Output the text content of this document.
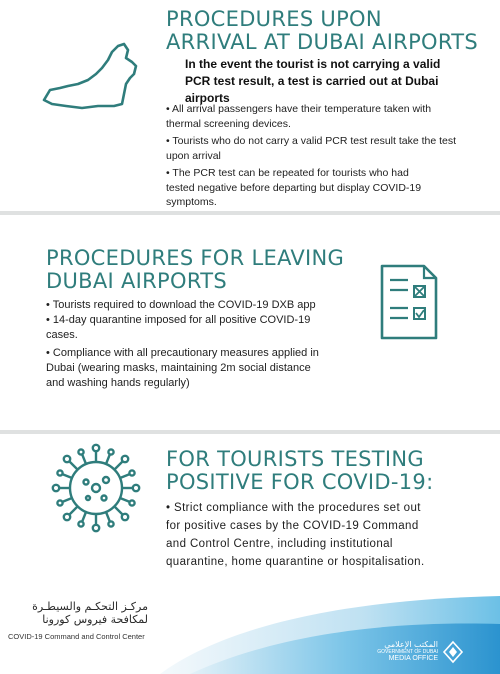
PROCEDURES UPON
ARRIVAL AT DUBAI AIRPORTS
In the event the tourist is not carrying a valid
PCR test result, a test is carried out at Dubai
airports
• All arrival passengers have their temperature taken with
thermal screening devices.
• Tourists who do not carry a valid PCR test result take the test
upon arrival
• The PCR test can be repeated for tourists who had
tested negative before departing but display COVID-19
symptoms.
PROCEDURES FOR LEAVING
DUBAI AIRPORTS
• Tourists required to download the COVID-19 DXB app
• 14-day quarantine imposed for all positive COVID-19
cases.
• Compliance with all precautionary measures applied in
Dubai (wearing masks, maintaining 2m social distance
and washing hands regularly)
FOR TOURISTS TESTING
POSITIVE FOR COVID-19:
• Strict compliance with the procedures set out
for positive cases by the COVID-19 Command
and Control Centre, including institutional
quarantine, home quarantine or hospitalisation.
مركـز التحكـم والسيطـرة
لمكافحة فيروس كورونا
COVID-19 Command and Control Center
المكتب الإعلامي
GOVERNMENT OF DUBAI
MEDIA OFFICE
